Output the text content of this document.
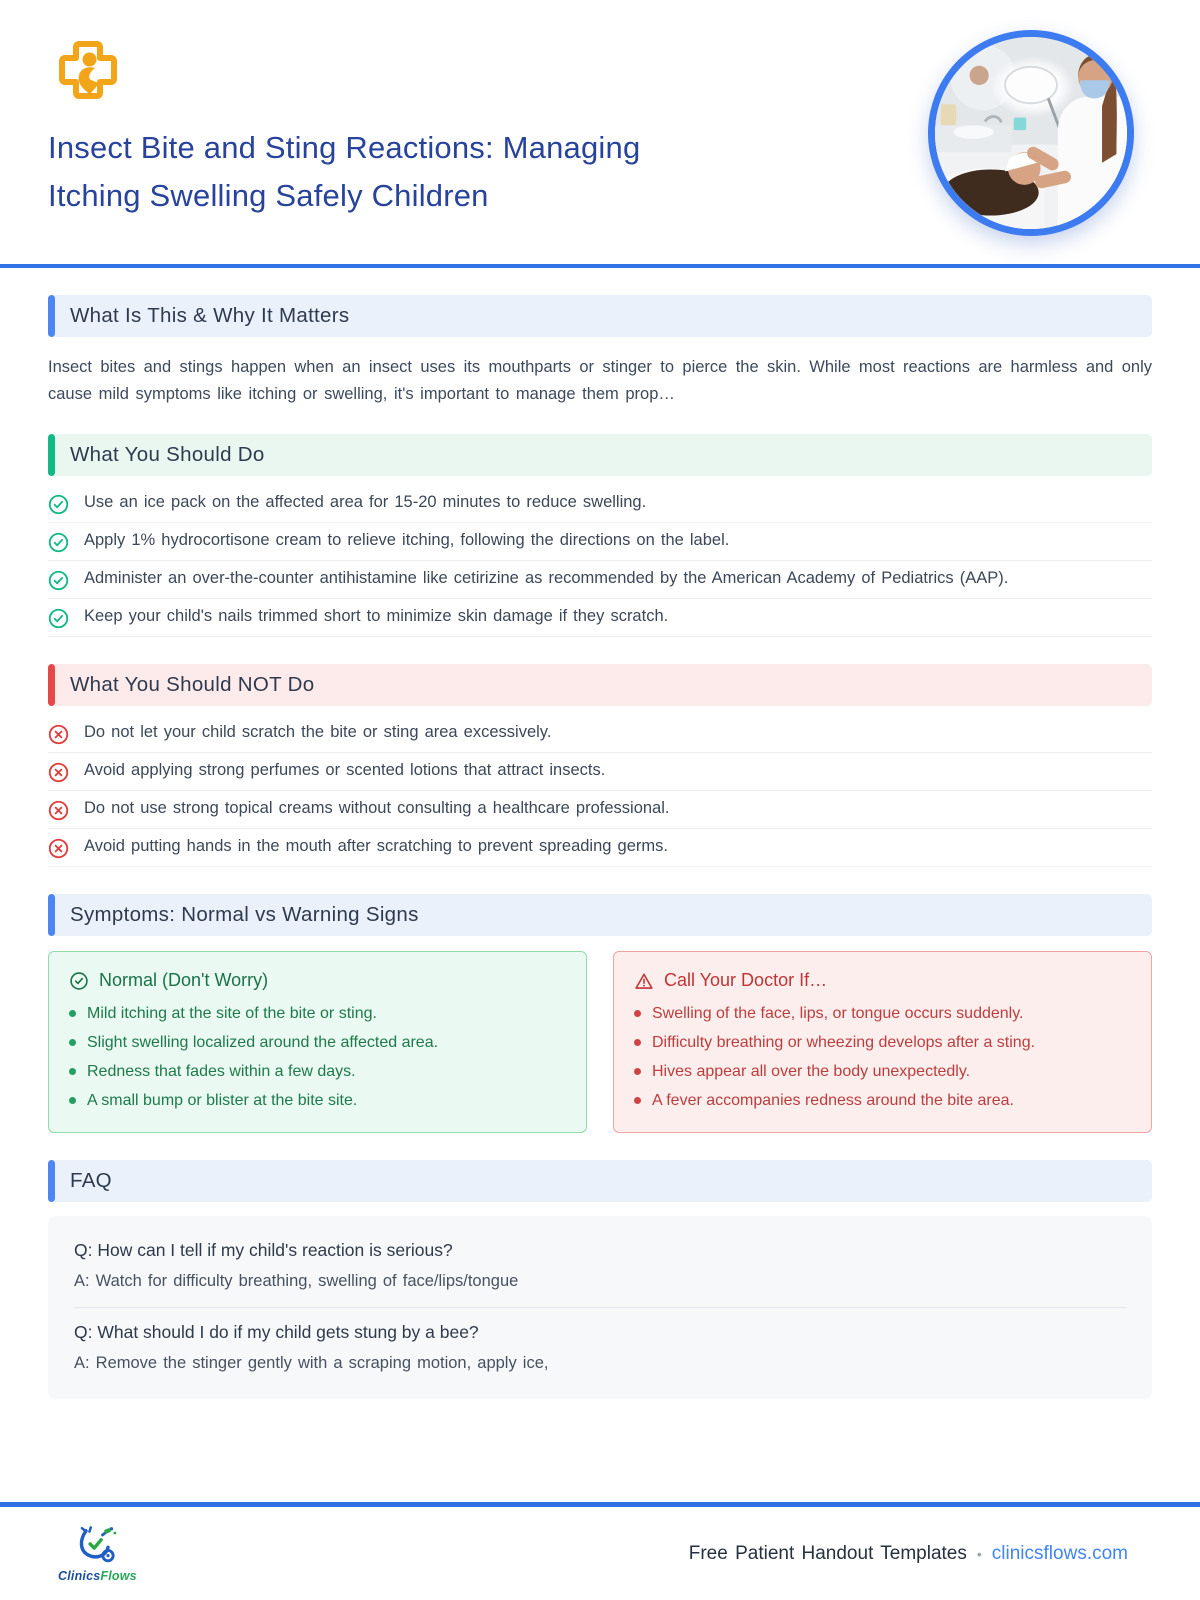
Insect Bite and Sting Reactions: Managing
Itching Swelling Safely Children
What Is This & Why It Matters

Insect bites and stings happen when an insect uses its mouthparts or stinger to pierce the skin. While most reactions are harmless and only cause mild symptoms like itching or swelling, it's important to manage them prop…

What You Should Do
Use an ice pack on the affected area for 15-20 minutes to reduce swelling.
Apply 1% hydrocortisone cream to relieve itching, following the directions on the label.
Administer an over-the-counter antihistamine like cetirizine as recommended by the American Academy of Pediatrics (AAP).
Keep your child's nails trimmed short to minimize skin damage if they scratch.
What You Should NOT Do
Do not let your child scratch the bite or sting area excessively.
Avoid applying strong perfumes or scented lotions that attract insects.
Do not use strong topical creams without consulting a healthcare professional.
Avoid putting hands in the mouth after scratching to prevent spreading germs.
Symptoms: Normal vs Warning Signs
Normal (Don't Worry)
Mild itching at the site of the bite or sting.
Slight swelling localized around the affected area.
Redness that fades within a few days.
A small bump or blister at the bite site.
Call Your Doctor If…
Swelling of the face, lips, or tongue occurs suddenly.
Difficulty breathing or wheezing develops after a sting.
Hives appear all over the body unexpectedly.
A fever accompanies redness around the bite area.
FAQ
Q: How can I tell if my child's reaction is serious?
A: Watch for difficulty breathing, swelling of face/lips/tongue
Q: What should I do if my child gets stung by a bee?
A: Remove the stinger gently with a scraping motion, apply ice,
ClinicsFlows
Free Patient Handout Templates • clinicsflows.com
